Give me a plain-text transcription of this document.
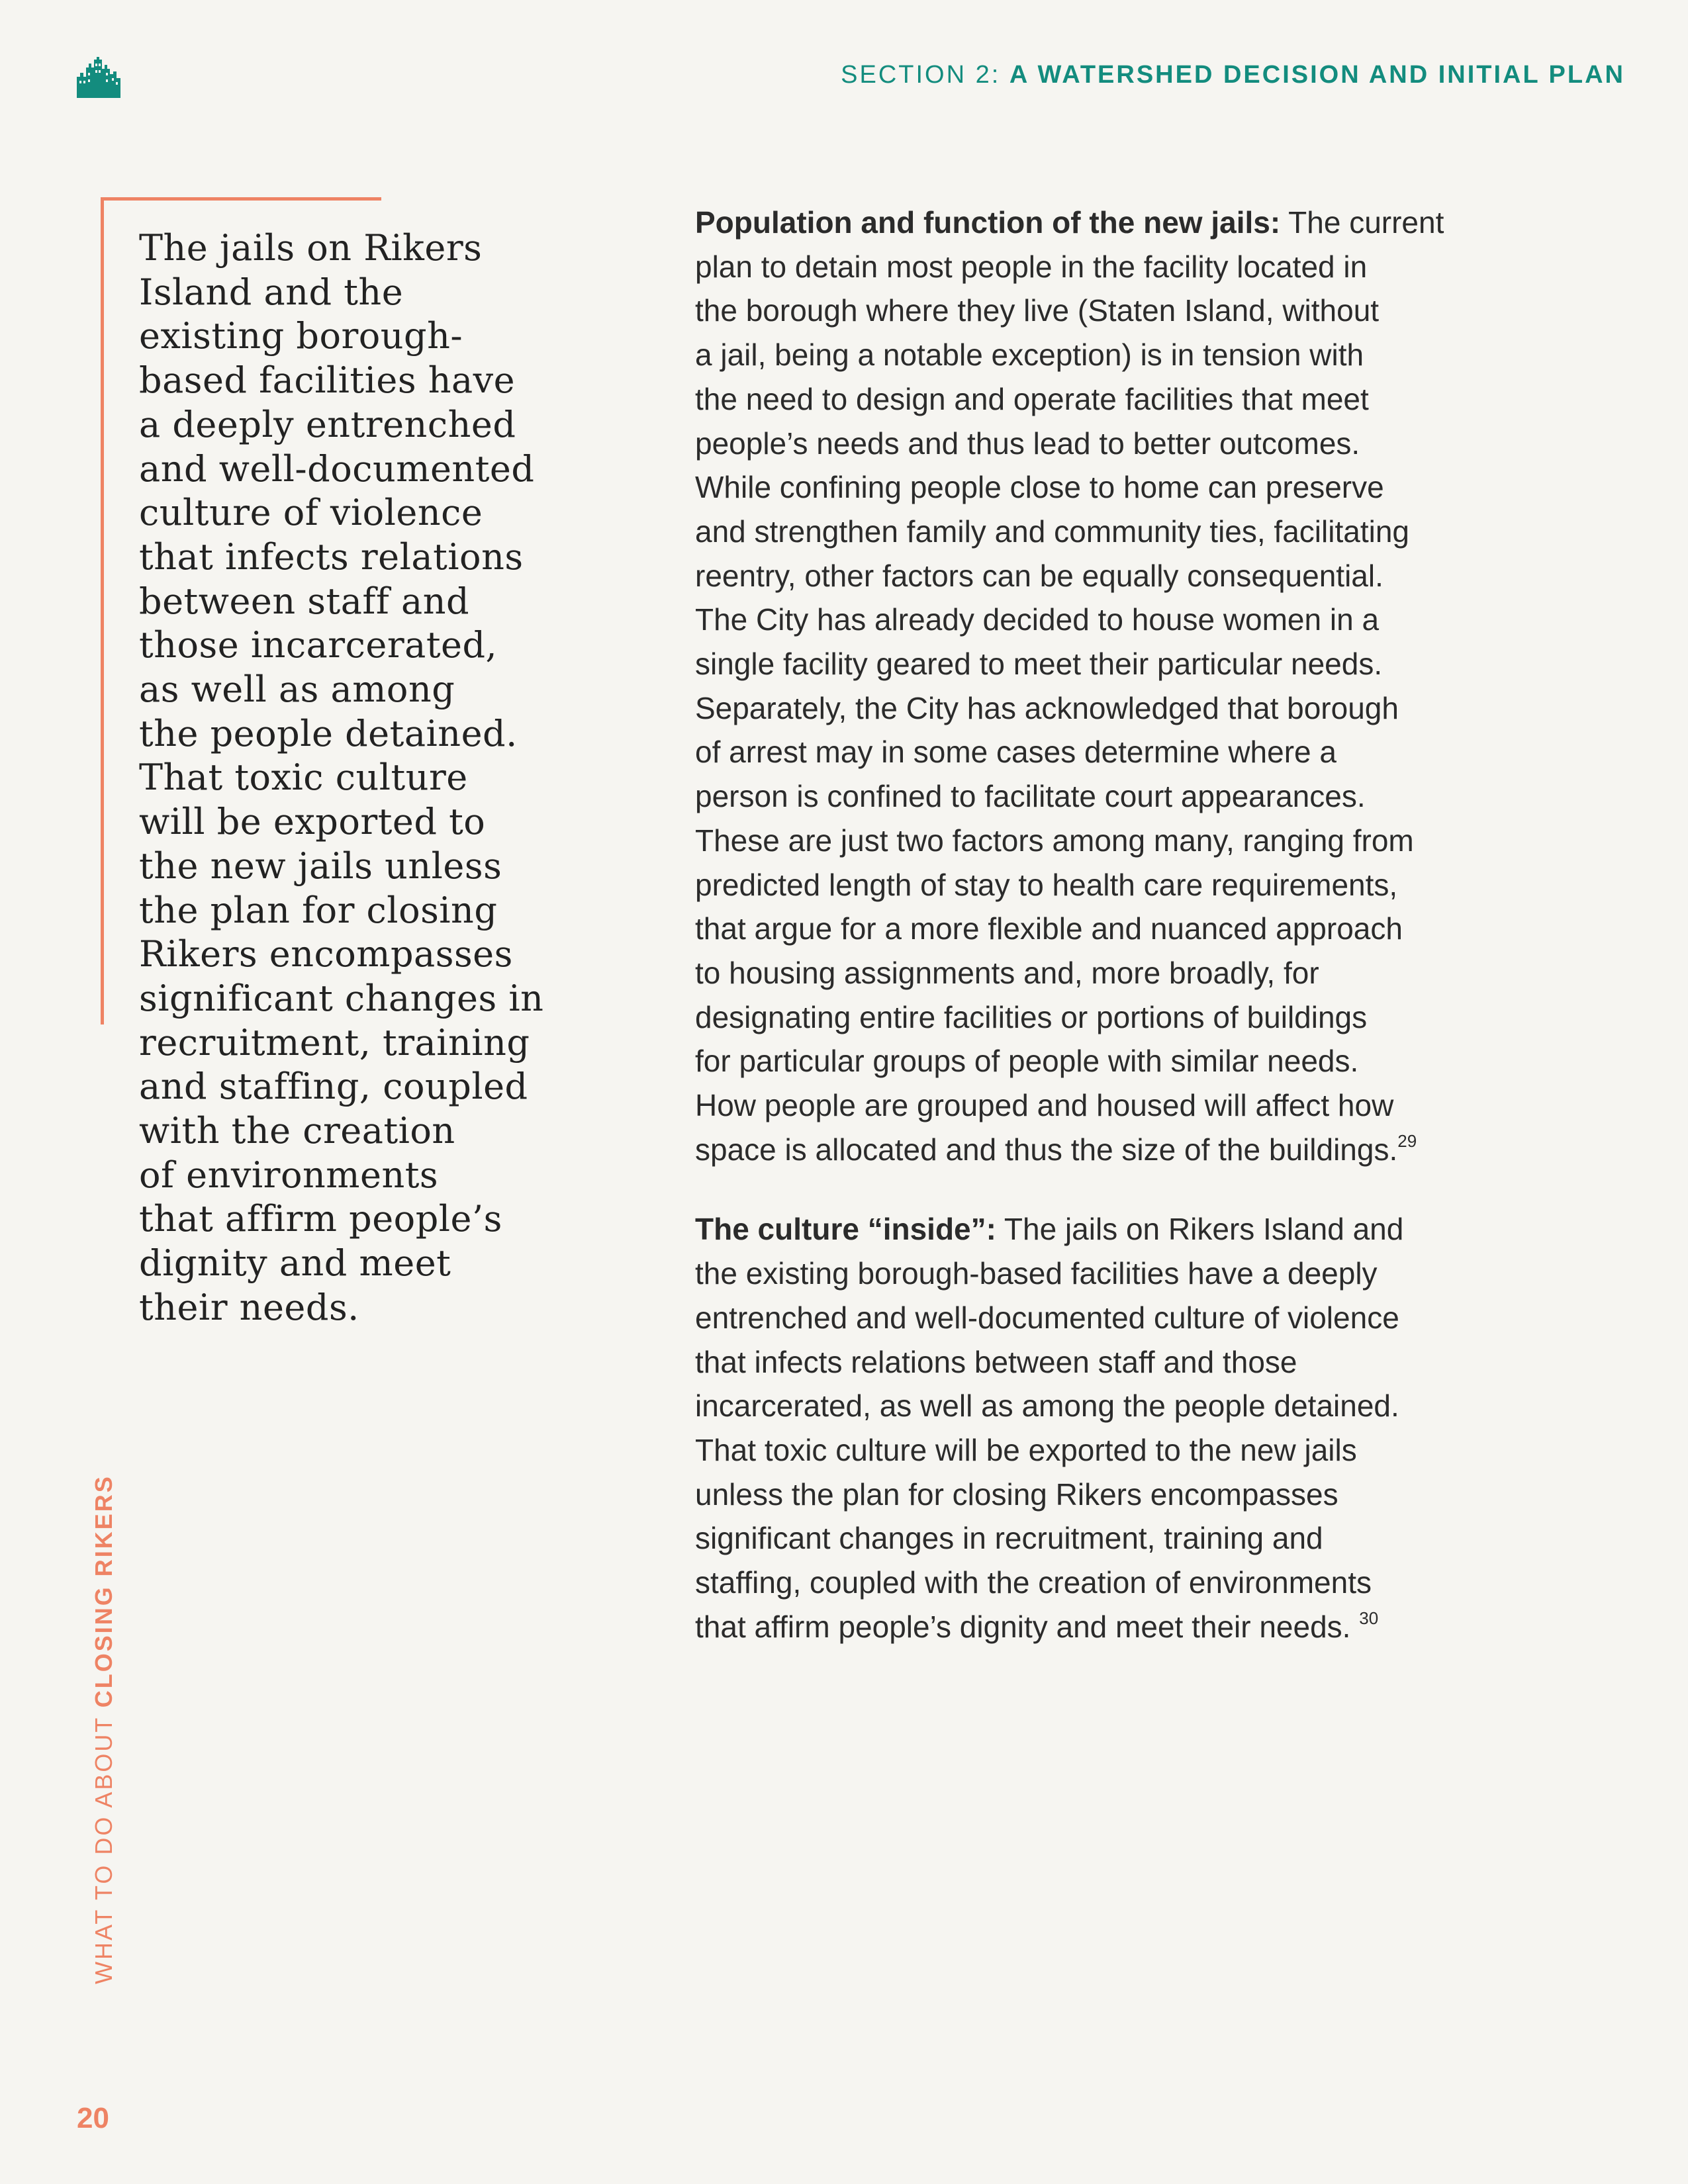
SECTION 2: A WATERSHED DECISION AND INITIAL PLAN
The jails on Rikers
Island and the
existing borough-
based facilities have
a deeply entrenched
and well-documented
culture of violence
that infects relations
between staff and
those incarcerated,
as well as among
the people detained.
That toxic culture
will be exported to
the new jails unless
the plan for closing
Rikers encompasses
significant changes in
recruitment, training
and staffing, coupled
with the creation
of environments
that affirm people’s
dignity and meet
their needs.

Population and function of the new jails: The current
plan to detain most people in the facility located in
the borough where they live (Staten Island, without
a jail, being a notable exception) is in tension with
the need to design and operate facilities that meet
people’s needs and thus lead to better outcomes.
While confining people close to home can preserve
and strengthen family and community ties, facilitating
reentry, other factors can be equally consequential.
The City has already decided to house women in a
single facility geared to meet their particular needs.
Separately, the City has acknowledged that borough
of arrest may in some cases determine where a
person is confined to facilitate court appearances.
These are just two factors among many, ranging from
predicted length of stay to health care requirements,
that argue for a more flexible and nuanced approach
to housing assignments and, more broadly, for
designating entire facilities or portions of buildings
for particular groups of people with similar needs.
How people are grouped and housed will affect how
space is allocated and thus the size of the buildings.$^{29}$

The culture “inside”: The jails on Rikers Island and
the existing borough-based facilities have a deeply
entrenched and well-documented culture of violence
that infects relations between staff and those
incarcerated, as well as among the people detained.
That toxic culture will be exported to the new jails
unless the plan for closing Rikers encompasses
significant changes in recruitment, training and
staffing, coupled with the creation of environments
that affirm people’s dignity and meet their needs. $^{30}$

WHAT TO DO ABOUT CLOSING RIKERS
20
